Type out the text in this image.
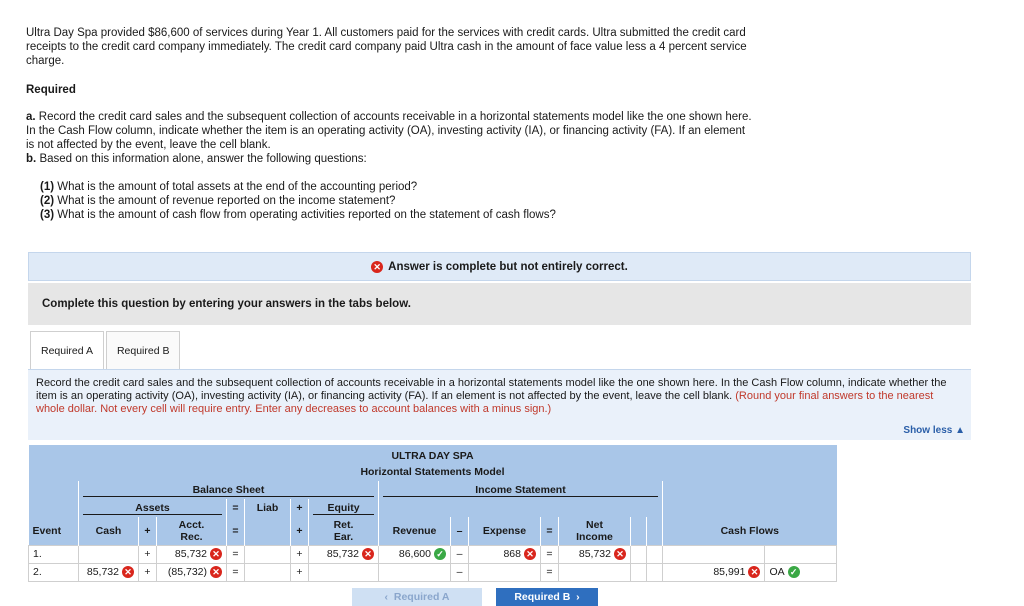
Ultra Day Spa provided $86,600 of services during Year 1. All customers paid for the services with credit cards. Ultra submitted the credit card receipts to the credit card company immediately. The credit card company paid Ultra cash in the amount of face value less a 4 percent service charge.
Required
a. Record the credit card sales and the subsequent collection of accounts receivable in a horizontal statements model like the one shown here. In the Cash Flow column, indicate whether the item is an operating activity (OA), investing activity (IA), or financing activity (FA). If an element is not affected by the event, leave the cell blank.
b. Based on this information alone, answer the following questions:
(1) What is the amount of total assets at the end of the accounting period?
(2) What is the amount of revenue reported on the income statement?
(3) What is the amount of cash flow from operating activities reported on the statement of cash flows?
✕
Answer is complete but not entirely correct.
Complete this question by entering your answers in the tabs below.
Required A	Required B
Record the credit card sales and the subsequent collection of accounts receivable in a horizontal statements model like the one shown here. In the Cash Flow column, indicate whether the item is an operating activity (OA), investing activity (IA), or financing activity (FA). If an element is not affected by the event, leave the cell blank. (Round your final answers to the nearest whole dollar. Not every cell will require entry. Enter any decreases to account balances with a minus sign.)
Show less ▲
ULTRA DAY SPA																
Horizontal Statements Model																
	Balance Sheet							Income Statement								
	Assets			=	Liab	+	Equity									
Event	Cash	+	Acct.
Rec.	=		+	Ret.
Ear.	Revenue	–	Expense	=	Net
Income			Cash Flows	
1.		+	85,732✕	=		+	85,732✕	86,600✓	–	868✕	=	85,732✕				
2.	85,732✕	+	(85,732)✕	=		+			–		=				85,991✕	OA✓
‹ Required A	Required B ›
